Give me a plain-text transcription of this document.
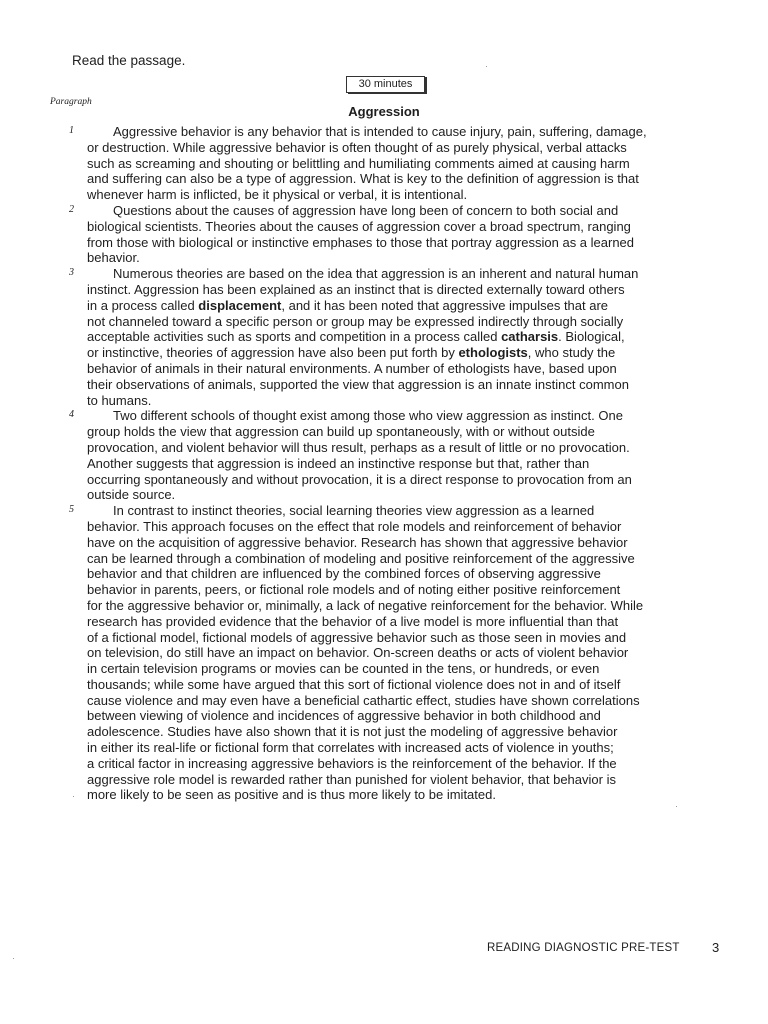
Read the passage.
30 minutes
Paragraph
Aggression
1	Aggressive behavior is any behavior that is intended to cause injury, pain, suffering, damage,
or destruction. While aggressive behavior is often thought of as purely physical, verbal attacks
such as screaming and shouting or belittling and humiliating comments aimed at causing harm
and suffering can also be a type of aggression. What is key to the definition of aggression is that
whenever harm is inflicted, be it physical or verbal, it is intentional.
2	Questions about the causes of aggression have long been of concern to both social and
biological scientists. Theories about the causes of aggression cover a broad spectrum, ranging
from those with biological or instinctive emphases to those that portray aggression as a learned
behavior.
3	Numerous theories are based on the idea that aggression is an inherent and natural human
instinct. Aggression has been explained as an instinct that is directed externally toward others
in a process called displacement, and it has been noted that aggressive impulses that are
not channeled toward a specific person or group may be expressed indirectly through socially
acceptable activities such as sports and competition in a process called catharsis. Biological,
or instinctive, theories of aggression have also been put forth by ethologists, who study the
behavior of animals in their natural environments. A number of ethologists have, based upon
their observations of animals, supported the view that aggression is an innate instinct common
to humans.
4	Two different schools of thought exist among those who view aggression as instinct. One
group holds the view that aggression can build up spontaneously, with or without outside
provocation, and violent behavior will thus result, perhaps as a result of little or no provocation.
Another suggests that aggression is indeed an instinctive response but that, rather than
occurring spontaneously and without provocation, it is a direct response to provocation from an
outside source.
5	In contrast to instinct theories, social learning theories view aggression as a learned
behavior. This approach focuses on the effect that role models and reinforcement of behavior
have on the acquisition of aggressive behavior. Research has shown that aggressive behavior
can be learned through a combination of modeling and positive reinforcement of the aggressive
behavior and that children are influenced by the combined forces of observing aggressive
behavior in parents, peers, or fictional role models and of noting either positive reinforcement
for the aggressive behavior or, minimally, a lack of negative reinforcement for the behavior. While
research has provided evidence that the behavior of a live model is more influential than that
of a fictional model, fictional models of aggressive behavior such as those seen in movies and
on television, do still have an impact on behavior. On-screen deaths or acts of violent behavior
in certain television programs or movies can be counted in the tens, or hundreds, or even
thousands; while some have argued that this sort of fictional violence does not in and of itself
cause violence and may even have a beneficial cathartic effect, studies have shown correlations
between viewing of violence and incidences of aggressive behavior in both childhood and
adolescence. Studies have also shown that it is not just the modeling of aggressive behavior
in either its real-life or fictional form that correlates with increased acts of violence in youths;
a critical factor in increasing aggressive behaviors is the reinforcement of the behavior. If the
aggressive role model is rewarded rather than punished for violent behavior, that behavior is
more likely to be seen as positive and is thus more likely to be imitated.
READING DIAGNOSTIC PRE-TEST 3
